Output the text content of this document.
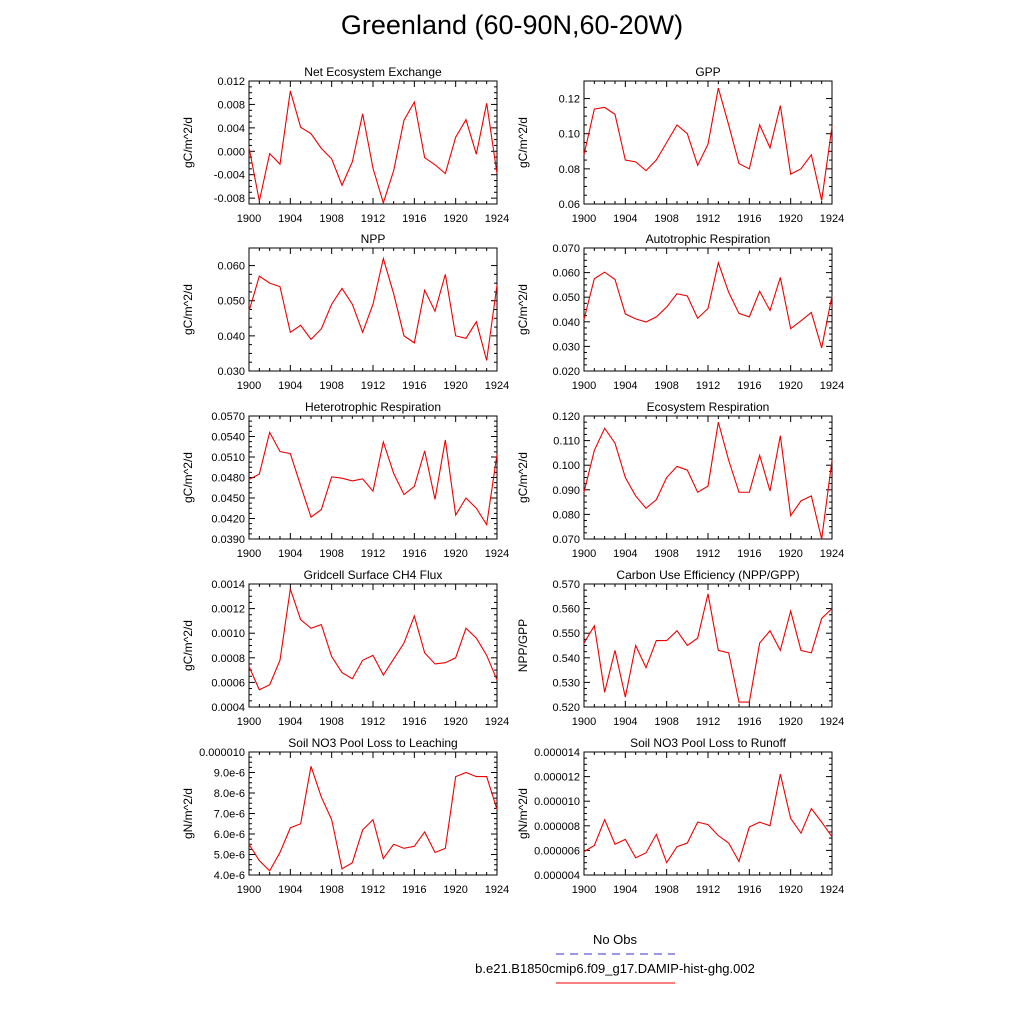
Greenland (60-90N,60-20W)
Net Ecosystem Exchange
gC/m^2/d
-0.008
-0.004
0.000
0.004
0.008
0.012
1900 1904 1908 1912 1916 1920 1924
GPP
gC/m^2/d
0.06
0.08
0.10
0.12
1900 1904 1908 1912 1916 1920 1924
NPP
gC/m^2/d
0.030
0.040
0.050
0.060
1900 1904 1908 1912 1916 1920 1924
Autotrophic Respiration
gC/m^2/d
0.020
0.030
0.040
0.050
0.060
0.070
1900 1904 1908 1912 1916 1920 1924
Heterotrophic Respiration
gC/m^2/d
0.0390
0.0420
0.0450
0.0480
0.0510
0.0540
0.0570
1900 1904 1908 1912 1916 1920 1924
Ecosystem Respiration
gC/m^2/d
0.070
0.080
0.090
0.100
0.110
0.120
1900 1904 1908 1912 1916 1920 1924
Gridcell Surface CH4 Flux
gC/m^2/d
0.0004
0.0006
0.0008
0.0010
0.0012
0.0014
1900 1904 1908 1912 1916 1920 1924
Carbon Use Efficiency (NPP/GPP)
NPP/GPP
0.520
0.530
0.540
0.550
0.560
0.570
1900 1904 1908 1912 1916 1920 1924
Soil NO3 Pool Loss to Leaching
gN/m^2/d
4.0e-6
5.0e-6
6.0e-6
7.0e-6
8.0e-6
9.0e-6
0.000010
1900 1904 1908 1912 1916 1920 1924
Soil NO3 Pool Loss to Runoff
gN/m^2/d
0.000004
0.000006
0.000008
0.000010
0.000012
0.000014
1900 1904 1908 1912 1916 1920 1924
No Obs
b.e21.B1850cmip6.f09_g17.DAMIP-hist-ghg.002
